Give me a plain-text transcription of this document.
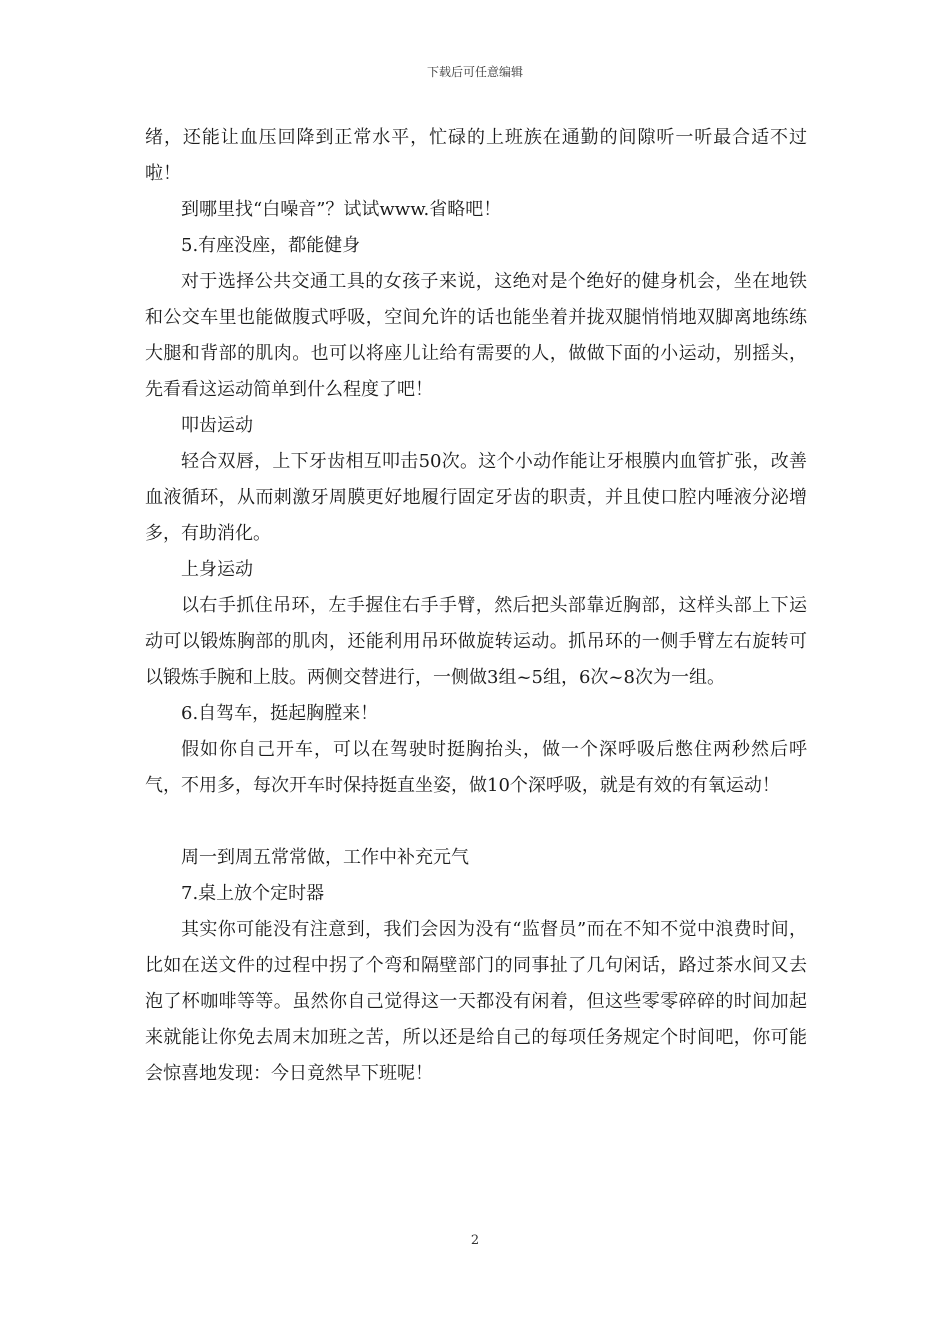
下载后可任意编辑

绪，还能让血压回降到正常水平，忙碌的上班族在通勤的间隙听一听最合适不过啦！

到哪里找“白噪音”？试试www.省略吧！

5.有座没座，都能健身

对于选择公共交通工具的女孩子来说，这绝对是个绝好的健身机会，坐在地铁和公交车里也能做腹式呼吸，空间允许的话也能坐着并拢双腿悄悄地双脚离地练练大腿和背部的肌肉。也可以将座儿让给有需要的人，做做下面的小运动，别摇头，先看看这运动简单到什么程度了吧！

叩齿运动

轻合双唇，上下牙齿相互叩击50次。这个小动作能让牙根膜内血管扩张，改善血液循环，从而刺激牙周膜更好地履行固定牙齿的职责，并且使口腔内唾液分泌增多，有助消化。

上身运动

以右手抓住吊环，左手握住右手手臂，然后把头部靠近胸部，这样头部上下运动可以锻炼胸部的肌肉，还能利用吊环做旋转运动。抓吊环的一侧手臂左右旋转可以锻炼手腕和上肢。两侧交替进行，一侧做3组~5组，6次~8次为一组。

6.自驾车，挺起胸膛来！

假如你自己开车，可以在驾驶时挺胸抬头，做一个深呼吸后憋住两秒然后呼气，不用多，每次开车时保持挺直坐姿，做10个深呼吸，就是有效的有氧运动！

周一到周五常常做，工作中补充元气

7.桌上放个定时器

其实你可能没有注意到，我们会因为没有“监督员”而在不知不觉中浪费时间，比如在送文件的过程中拐了个弯和隔壁部门的同事扯了几句闲话，路过茶水间又去泡了杯咖啡等等。虽然你自己觉得这一天都没有闲着，但这些零零碎碎的时间加起来就能让你免去周末加班之苦，所以还是给自己的每项任务规定个时间吧，你可能会惊喜地发现：今日竟然早下班呢！

2
